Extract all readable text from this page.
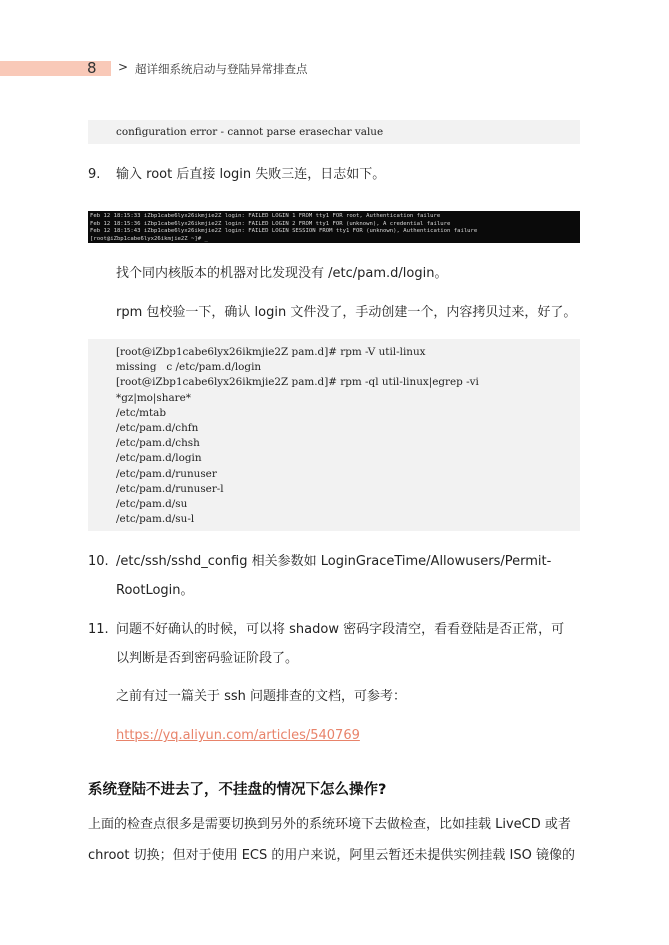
8 > 超详细系统启动与登陆异常排查点
configuration error - cannot parse erasechar value
9. 输入 root 后直接 login 失败三连，日志如下。
Feb 12 18:15:33 iZbp1cabe6lyx26ikmjie2Z login: FAILED LOGIN 1 FROM tty1 FOR root, Authentication failure
Feb 12 18:15:36 iZbp1cabe6lyx26ikmjie2Z login: FAILED LOGIN 2 FROM tty1 FOR (unknown), A credential failure
Feb 12 18:15:43 iZbp1cabe6lyx26ikmjie2Z login: FAILED LOGIN SESSION FROM tty1 FOR (unknown), Authentication failure
[root@iZbp1cabe6lyx26ikmjie2Z ~]# _
找个同内核版本的机器对比发现没有 /etc/pam.d/login。
rpm 包校验一下，确认 login 文件没了，手动创建一个，内容拷贝过来，好了。
[root@iZbp1cabe6lyx26ikmjie2Z pam.d]# rpm -V util-linux
missing   c /etc/pam.d/login
[root@iZbp1cabe6lyx26ikmjie2Z pam.d]# rpm -ql util-linux|egrep -vi
*gz|mo|share*
/etc/mtab
/etc/pam.d/chfn
/etc/pam.d/chsh
/etc/pam.d/login
/etc/pam.d/runuser
/etc/pam.d/runuser-l
/etc/pam.d/su
/etc/pam.d/su-l
10. /etc/ssh/sshd_config 相关参数如 LoginGraceTime/Allowusers/Permit-
RootLogin。
11. 问题不好确认的时候，可以将 shadow 密码字段清空，看看登陆是否正常，可
以判断是否到密码验证阶段了。
之前有过一篇关于 ssh 问题排查的文档，可参考：
https://yq.aliyun.com/articles/540769
系统登陆不进去了，不挂盘的情况下怎么操作?
上面的检查点很多是需要切换到另外的系统环境下去做检查，比如挂载 LiveCD 或者
chroot 切换；但对于使用 ECS 的用户来说，阿里云暂还未提供实例挂载 ISO 镜像的
